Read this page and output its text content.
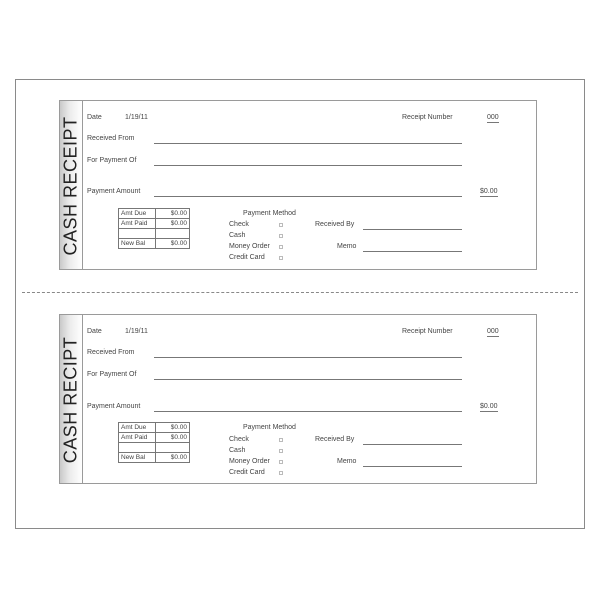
CASH RECEIPT Date	1/19/11	Receipt Number	000
Received From
For Payment Of
Payment Amount	$0.00
Amt Due	$0.00
Amt Paid	$0.00

New Bal	$0.00
Payment Method
Check
Cash
Money Order
Credit Card
Received By
Memo
CASH RECIPT
Date	1/19/11	Receipt Number	000
Received From
For Payment Of
Payment Amount	$0.00
Amt Due	$0.00
Amt Paid	$0.00

New Bal	$0.00
Payment Method
Check
Cash
Money Order
Credit Card
Received By
Memo
